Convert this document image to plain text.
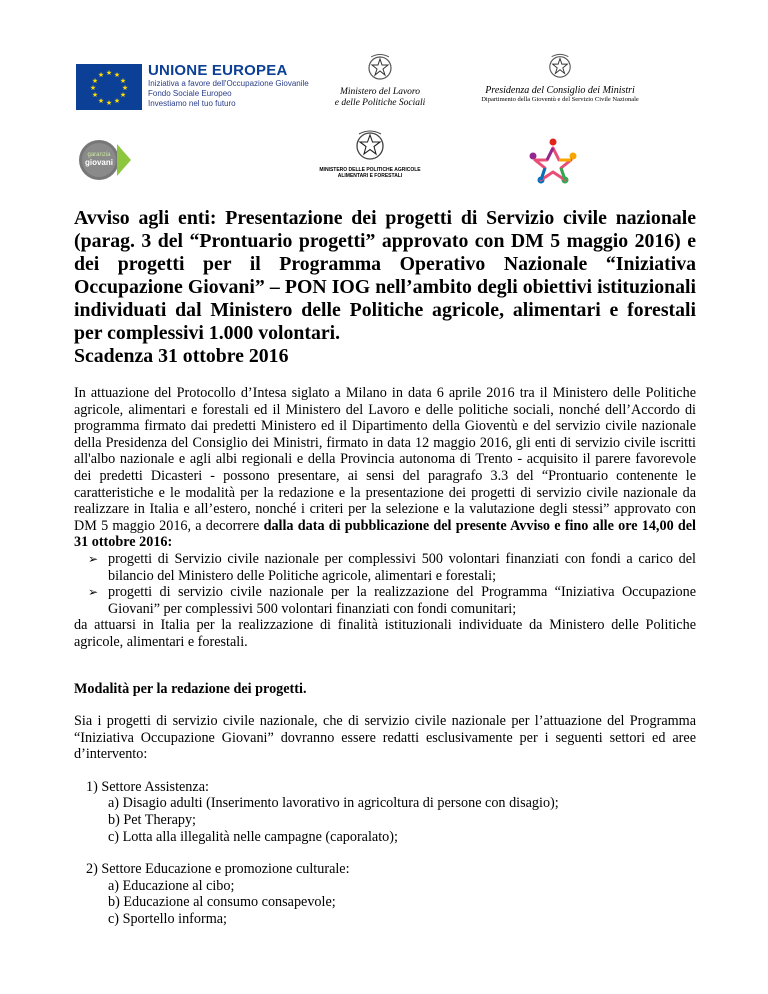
★ ★
★
★
★
★
★
★
★
★
★
★	UNIONE EUROPEA
Iniziativa a favore dell'Occupazione Giovanile
Fondo Sociale Europeo
Investiamo nel tuo futuro
Ministero del Lavoro
e delle Politiche Sociali
Presidenza del Consiglio dei Ministri
Dipartimento della Gioventù e del Servizio Civile Nazionale
garanzia
giovani
MINISTERO DELLE POLITICHE AGRICOLE
ALIMENTARI E FORESTALI
Avviso agli enti: Presentazione dei progetti di Servizio civile nazionale (parag. 3 del “Prontuario progetti” approvato con DM 5 maggio 2016) e dei progetti per il Programma Operativo Nazionale “Iniziativa Occupazione Giovani” – PON IOG nell’ambito degli obiettivi istituzionali individuati dal Ministero delle Politiche agricole, alimentari e forestali per complessivi 1.000 volontari.
Scadenza 31 ottobre 2016

In attuazione del Protocollo d’Intesa siglato a Milano in data 6 aprile 2016 tra il Ministero delle Politiche agricole, alimentari e forestali ed il Ministero del Lavoro e delle politiche sociali, nonché dell’Accordo di programma firmato dai predetti Ministero ed il Dipartimento della Gioventù e del servizio civile nazionale della Presidenza del Consiglio dei Ministri, firmato in data 12 maggio 2016, gli enti di servizio civile iscritti all'albo nazionale e agli albi regionali e della Provincia autonoma di Trento - acquisito il parere favorevole dei predetti Dicasteri - possono presentare, ai sensi del paragrafo 3.3 del “Prontuario contenente le caratteristiche e le modalità per la redazione e la presentazione dei progetti di servizio civile nazionale da realizzare in Italia e all’estero, nonché i criteri per la selezione e la valutazione degli stessi” approvato con DM 5 maggio 2016, a decorrere dalla data di pubblicazione del presente Avviso e fino alle ore 14,00 del 31 ottobre 2016:

➢ progetti di Servizio civile nazionale per complessivi 500 volontari finanziati con fondi a carico del bilancio del Ministero delle Politiche agricole, alimentari e forestali;
➢ progetti di servizio civile nazionale per la realizzazione del Programma “Iniziativa Occupazione Giovani” per complessivi 500 volontari finanziati con fondi comunitari;

da attuarsi in Italia per la realizzazione di finalità istituzionali individuate da Ministero delle Politiche agricole, alimentari e forestali.

Modalità per la redazione dei progetti.

Sia i progetti di servizio civile nazionale, che di servizio civile nazionale per l’attuazione del Programma “Iniziativa Occupazione Giovani” dovranno essere redatti esclusivamente per i seguenti settori ed aree d’intervento:

1) Settore Assistenza:
a) Disagio adulti (Inserimento lavorativo in agricoltura di persone con disagio);
b) Pet Therapy;
c) Lotta alla illegalità nelle campagne (caporalato);
2) Settore Educazione e promozione culturale:
a) Educazione al cibo;
b) Educazione al consumo consapevole;
c) Sportello informa;
